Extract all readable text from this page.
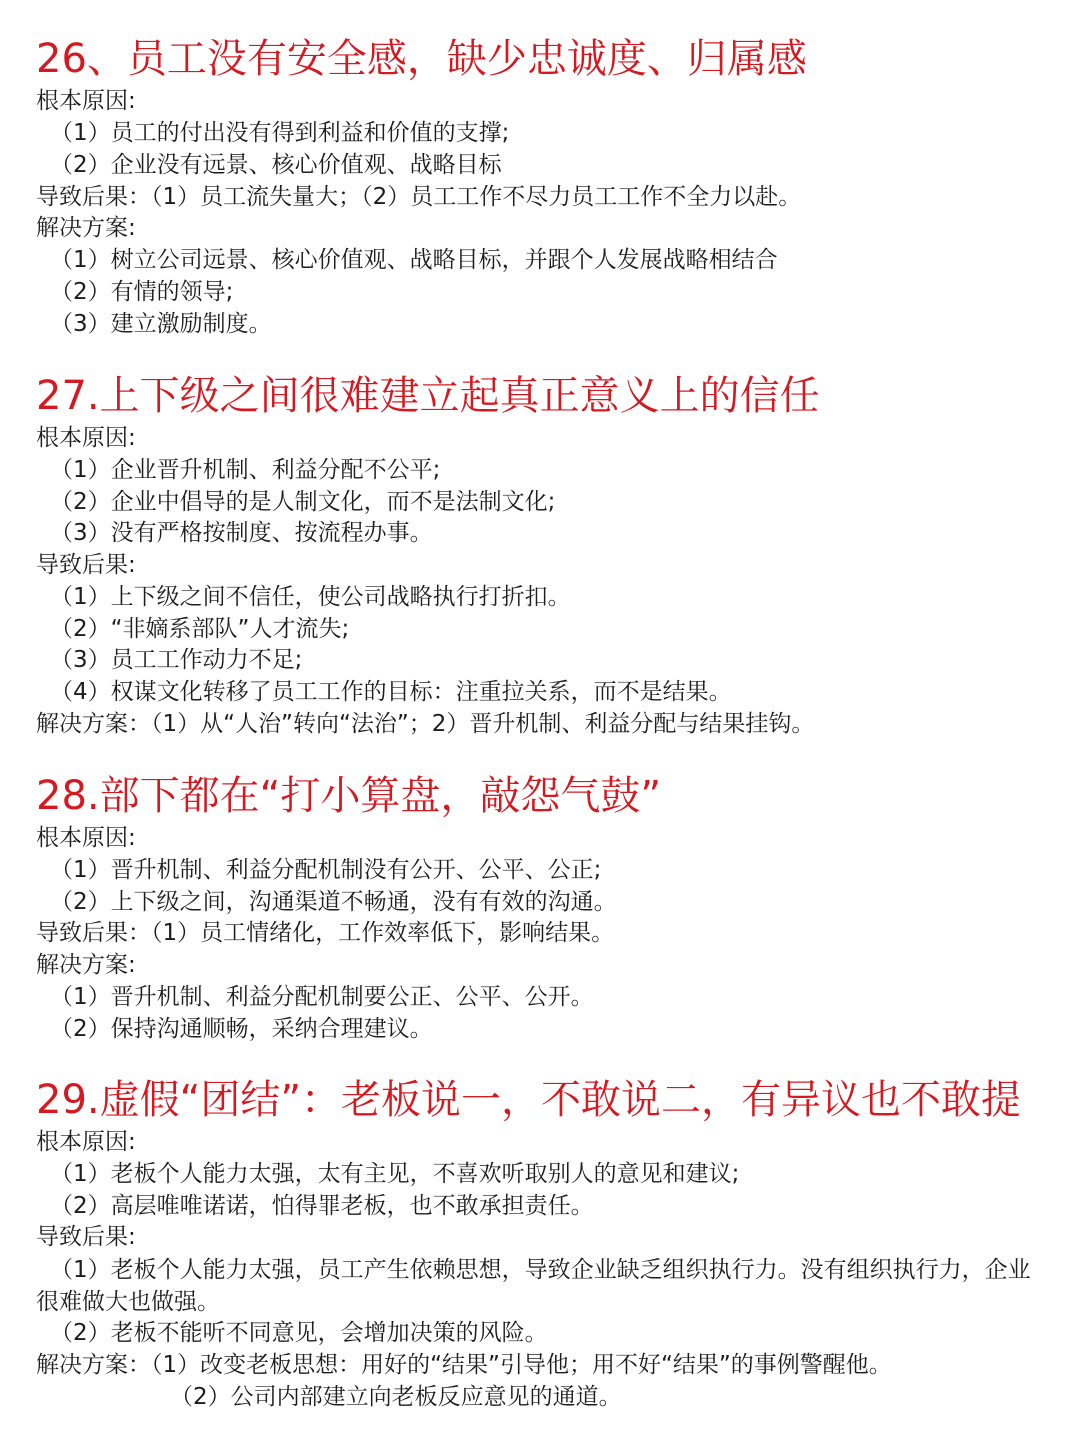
26、员工没有安全感，缺少忠诚度、归属感
根本原因:
（1）员工的付出没有得到利益和价值的支撑;
（2）企业没有远景、核心价值观、战略目标
导致后果：（1）员工流失量大；（2）员工工作不尽力员工工作不全力以赴。
解决方案:
（1）树立公司远景、核心价值观、战略目标，并跟个人发展战略相结合
（2）有情的领导;
（3）建立激励制度。
27.上下级之间很难建立起真正意义上的信任
根本原因:
（1）企业晋升机制、利益分配不公平;
（2）企业中倡导的是人制文化，而不是法制文化;
（3）没有严格按制度、按流程办事。
导致后果:
（1）上下级之间不信任，使公司战略执行打折扣。
（2）“非嫡系部队”人才流失;
（3）员工工作动力不足;
（4）权谋文化转移了员工工作的目标：注重拉关系，而不是结果。
解决方案：（1）从“人治”转向“法治”；2）晋升机制、利益分配与结果挂钩。
28.部下都在“打小算盘，敲怨气鼓”
根本原因:
（1）晋升机制、利益分配机制没有公开、公平、公正;
（2）上下级之间，沟通渠道不畅通，没有有效的沟通。
导致后果：（1）员工情绪化，工作效率低下，影响结果。
解决方案:
（1）晋升机制、利益分配机制要公正、公平、公开。
（2）保持沟通顺畅，采纳合理建议。
29.虚假“团结”：老板说一，不敢说二，有异议也不敢提
根本原因:
（1）老板个人能力太强，太有主见，不喜欢听取别人的意见和建议;
（2）高层唯唯诺诺，怕得罪老板，也不敢承担责任。
导致后果:
（1）老板个人能力太强，员工产生依赖思想，导致企业缺乏组织执行力。没有组织执行力，企业很难做大也做强。
（2）老板不能听不同意见，会增加决策的风险。
解决方案：（1）改变老板思想：用好的“结果”引导他；用不好“结果”的事例警醒他。
（2）公司内部建立向老板反应意见的通道。
